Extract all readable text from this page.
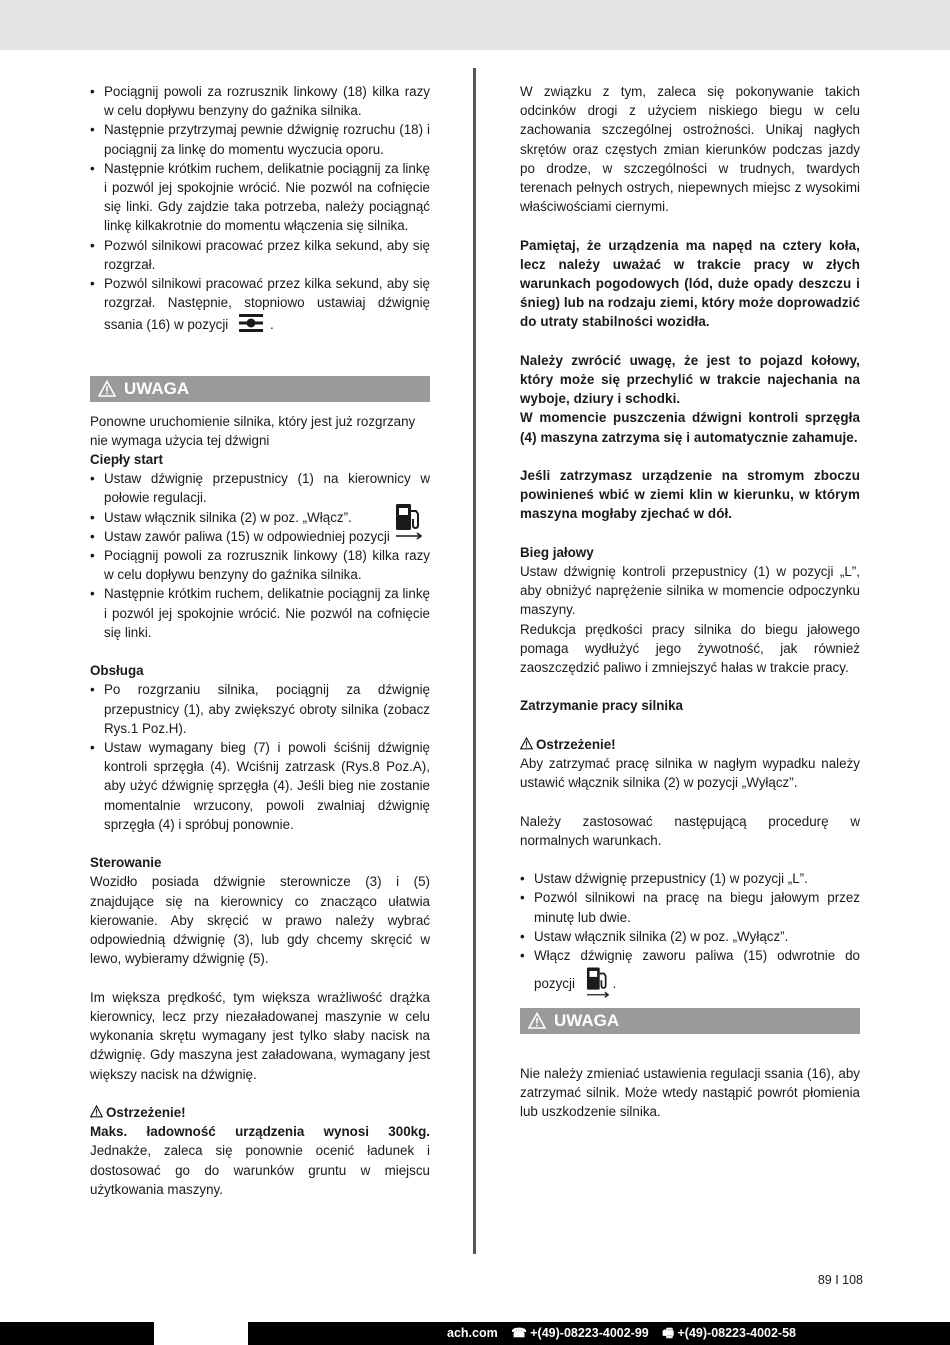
• Pociągnij powoli za rozrusznik linkowy (18) kilka razy w celu dopływu benzyny do gaźnika silnika.
• Następnie przytrzymaj pewnie dźwignię rozruchu (18) i pociągnij za linkę do momentu wyczucia oporu.
• Następnie krótkim ruchem, delikatnie pociągnij za linkę i pozwól jej spokojnie wrócić. Nie pozwól na cofnięcie się linki. Gdy zajdzie taka potrzeba, należy pociągnąć linkę kilkakrotnie do momentu włączenia się silnika.
• Pozwól silnikowi pracować przez kilka sekund, aby się rozgrzał.
• Pozwól silnikowi pracować przez kilka sekund, aby się rozgrzał. Następnie, stopniowo ustawiaj dźwignię ssania (16) w pozycji	.
UWAGA

Ponowne uruchomienie silnika, który jest już rozgrzany nie wymaga użycia tej dźwigni

Ciepły start

• Ustaw dźwignię przepustnicy (1) na kierownicy w połowie regulacji.
• Ustaw włącznik silnika (2) w poz. „Włącz”.
• Ustaw zawór paliwa (15) w odpowiedniej pozycji
• Pociągnij powoli za rozrusznik linkowy (18) kilka razy w celu dopływu benzyny do gaźnika silnika.
• Następnie krótkim ruchem, delikatnie pociągnij za linkę i pozwól jej spokojnie wrócić. Nie pozwól na cofnięcie się linki.

Obsługa

• Po rozgrzaniu silnika, pociągnij za dźwignię przepustnicy (1), aby zwiększyć obroty silnika (zobacz Rys.1 Poz.H).
• Ustaw wymagany bieg (7) i powoli ściśnij dźwignię kontroli sprzęgła (4). Wciśnij zatrzask (Rys.8 Poz.A), aby użyć dźwignię sprzęgła (4). Jeśli bieg nie zostanie momentalnie wrzucony, powoli zwalniaj dźwignię sprzęgła (4) i spróbuj ponownie.

Sterowanie

Wozidło posiada dźwignie sterownicze (3) i (5) znajdujące się na kierownicy co znacząco ułatwia kierowanie. Aby skręcić w prawo należy wybrać odpowiednią dźwignię (3), lub gdy chcemy skręcić w lewo, wybieramy dźwignię (5).

Im większa prędkość, tym większa wrażliwość drążka kierownicy, lecz przy niezaładowanej maszynie w celu wykonania skrętu wymagany jest tylko słaby nacisk na dźwignię. Gdy maszyna jest załadowana, wymagany jest większy nacisk na dźwignię.

Ostrzeżenie!

Maks. ładowność urządzenia wynosi 300kg. Jednakże, zaleca się ponownie ocenić ładunek i dostosować go do warunków gruntu w miejscu użytkowania maszyny.

W związku z tym, zaleca się pokonywanie takich odcinków drogi z użyciem niskiego biegu w celu zachowania szczególnej ostrożności. Unikaj nagłych skrętów oraz częstych zmian kierunków podczas jazdy po drodze, w szczególności w trudnych, twardych terenach pełnych ostrych, niepewnych miejsc z wysokimi właściwościami ciernymi.

Pamiętaj, że urządzenia ma napęd na cztery koła, lecz należy uważać w trakcie pracy w złych warunkach pogodowych (lód, duże opady deszczu i śnieg) lub na rodzaju ziemi, który może doprowadzić do utraty stabilności wozidła.

Należy zwrócić uwagę, że jest to pojazd kołowy, który może się przechylić w trakcie najechania na wyboje, dziury i schodki.

W momencie puszczenia dźwigni kontroli sprzęgła (4) maszyna zatrzyma się i automatycznie zahamuje.

Jeśli zatrzymasz urządzenie na stromym zboczu powinieneś wbić w ziemi klin w kierunku, w którym maszyna mogłaby zjechać w dół.

Bieg jałowy

Ustaw dźwignię kontroli przepustnicy (1) w pozycji „L”, aby obniżyć naprężenie silnika w momencie odpoczynku maszyny.

Redukcja prędkości pracy silnika do biegu jałowego pomaga wydłużyć jego żywotność, jak również zaoszczędzić paliwo i zmniejszyć hałas w trakcie pracy.

Zatrzymanie pracy silnika

Ostrzeżenie!

Aby zatrzymać pracę silnika w nagłym wypadku należy ustawić włącznik silnika (2) w pozycji „Wyłącz”.

Należy zastosować następującą procedurę w normalnych warunkach.

• Ustaw dźwignię przepustnicy (1) w pozycji „L”.
• Pozwól silnikowi na pracę na biegu jałowym przez minutę lub dwie.
• Ustaw włącznik silnika (2) w poz. „Wyłącz”.
• Włącz dźwignię zaworu paliwa (15) odwrotnie do pozycji	.
UWAGA

Nie należy zmieniać ustawienia regulacji ssania (16), aby zatrzymać silnik. Może wtedy nastąpić powrót płomienia lub uszkodzenie silnika.

89 I 108
ach.com ☎ +(49)-08223-4002-99 🖷 +(49)-08223-4002-58
